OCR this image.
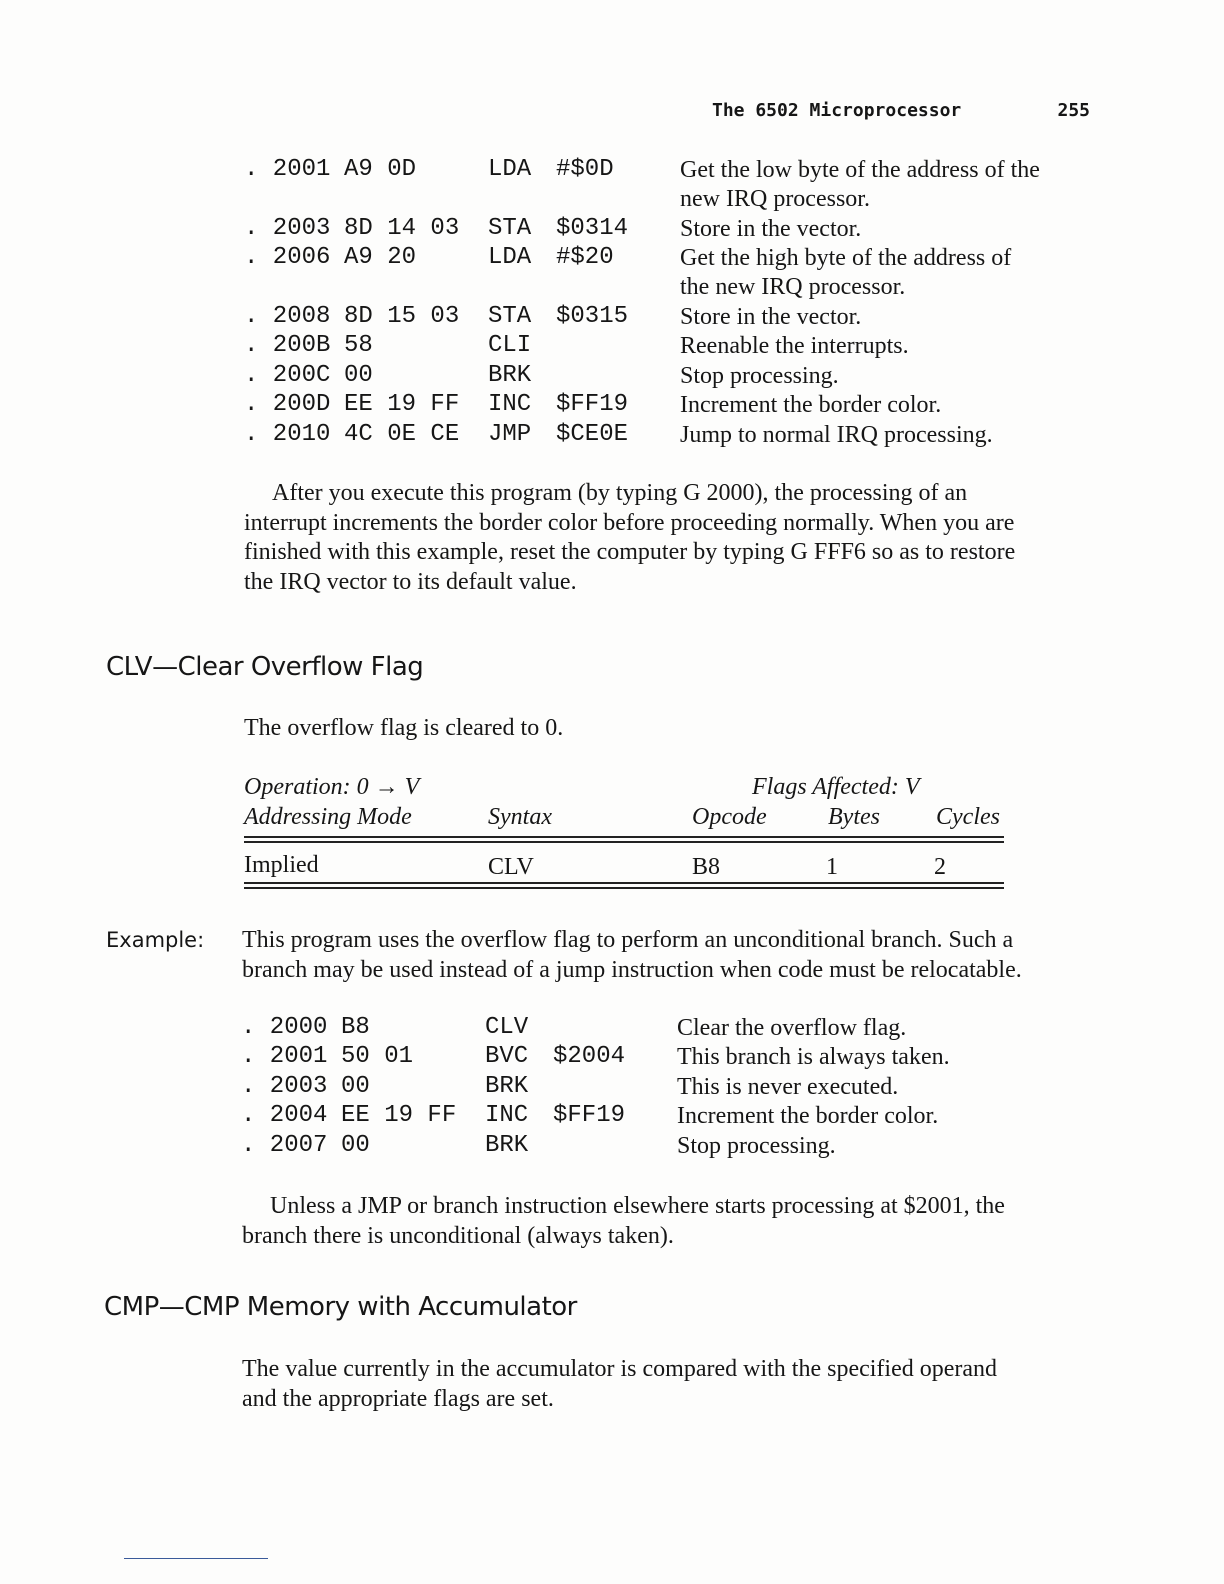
The 6502 Microprocessor	255
. 2001 A9 0D	LDA #$0D	Get the low byte of the address of the
new IRQ processor.
. 2003 8D 14 03 STA $0314 Store in the vector.
. 2006 A9 20	LDA #$20	Get the high byte of the address of
the new IRQ processor.
. 2008 8D 15 03 STA $0315 Store in the vector.
. 200B 58	CLI	Reenable the interrupts.
. 200C 00	BRK	Stop processing.
. 200D EE 19 FF INC $FF19 Increment the border color.
. 2010 4C 0E CE JMP $CE0E Jump to normal IRQ processing.
After you execute this program (by typing G 2000), the processing of an
interrupt increments the border color before proceeding normally. When you are
finished with this example, reset the computer by typing G FFF6 so as to restore
the IRQ vector to its default value.
CLV—Clear Overflow Flag
The overflow flag is cleared to 0.
Operation: 0 → V	Flags Affected: V
Addressing Mode	Syntax	Opcode	Bytes Cycles
Implied	CLV	B8	1	2
Example: This program uses the overflow flag to perform an unconditional branch. Such a
branch may be used instead of a jump instruction when code must be relocatable.
. 2000 B8	CLV	Clear the overflow flag.
. 2001 50 01	BVC $2004 This branch is always taken.
. 2003 00	BRK	This is never executed.
. 2004 EE 19 FF INC $FF19 Increment the border color.
. 2007 00	BRK	Stop processing.
Unless a JMP or branch instruction elsewhere starts processing at $2001, the
branch there is unconditional (always taken).
CMP—CMP Memory with Accumulator
The value currently in the accumulator is compared with the specified operand
and the appropriate flags are set.
